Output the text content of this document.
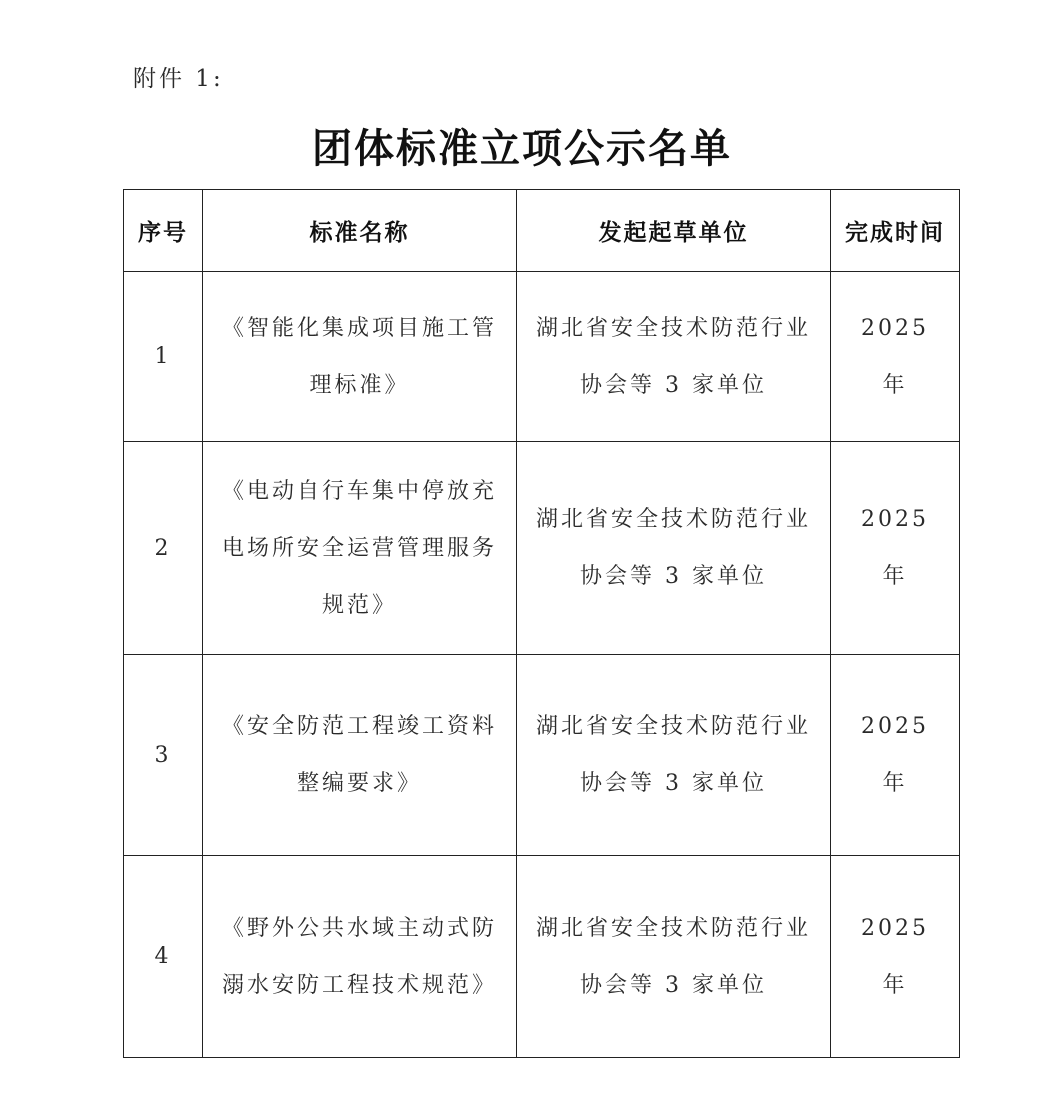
附件 1:
团体标准立项公示名单
序号	标准名称	发起起草单位	完成时间
1	《智能化集成项目施工管理标准》	湖北省安全技术防范行业协会等 3 家单位	2025 年
2	《电动自行车集中停放充电场所安全运营管理服务规范》	湖北省安全技术防范行业协会等 3 家单位	2025 年
3	《安全防范工程竣工资料整编要求》	湖北省安全技术防范行业协会等 3 家单位	2025 年
4	《野外公共水域主动式防溺水安防工程技术规范》	湖北省安全技术防范行业协会等 3 家单位	2025 年
